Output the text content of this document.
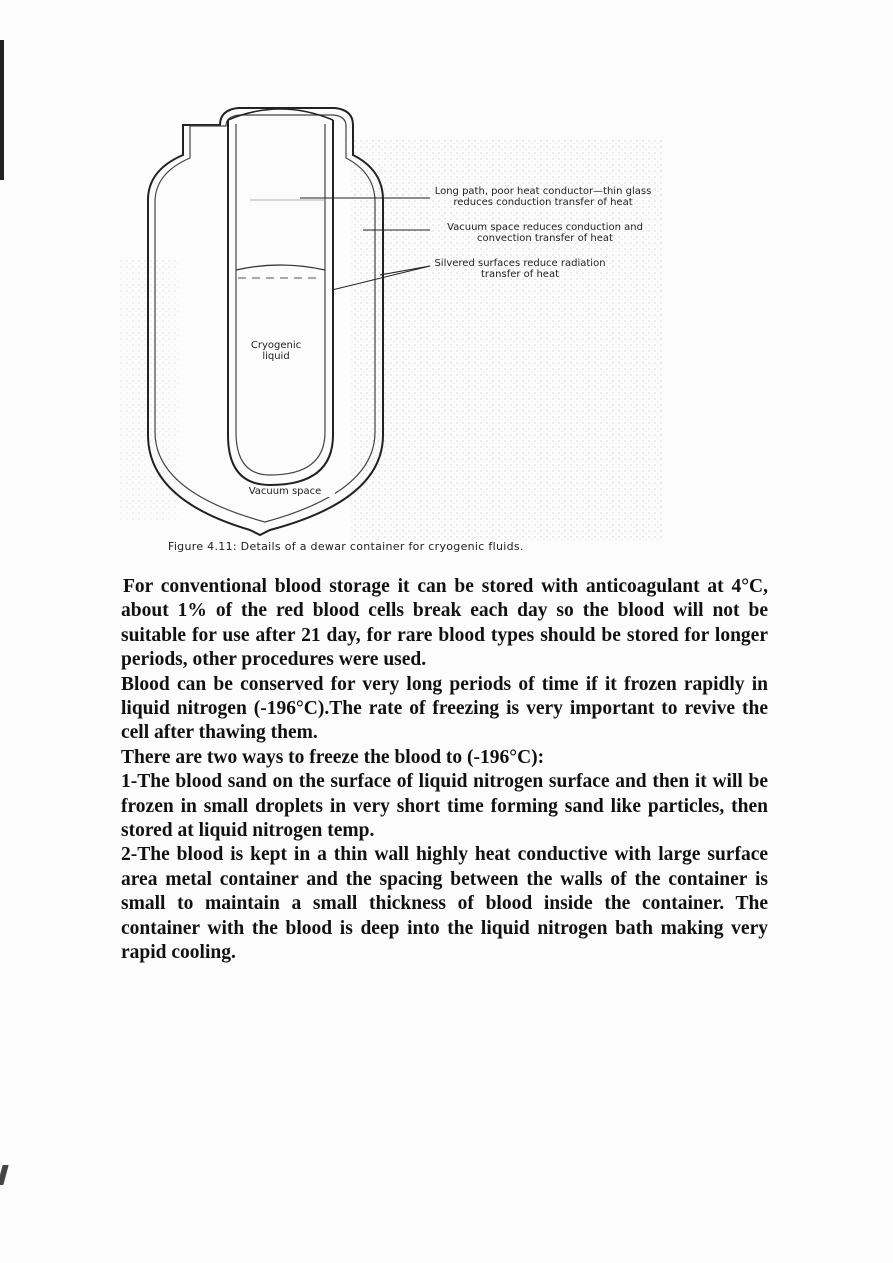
Long path, poor heat conductor—thin glass reduces conduction transfer of heat
Vacuum space reduces conduction and convection transfer of heat
Silvered surfaces reduce radiation transfer of heat
Cryogenic liquid
Vacuum space
Figure 4.11: Details of a dewar container for cryogenic fluids.

For conventional blood storage it can be stored with anticoagulant at 4°C, about 1% of the red blood cells break each day so the blood will not be suitable for use after 21 day, for rare blood types should be stored for longer periods, other procedures were used.

Blood can be conserved for very long periods of time if it frozen rapidly in liquid nitrogen (-196°C).The rate of freezing is very important to revive the cell after thawing them.

There are two ways to freeze the blood to (-196°C):

1-The blood sand on the surface of liquid nitrogen surface and then it will be frozen in small droplets in very short time forming sand like particles, then stored at liquid nitrogen temp.

2-The blood is kept in a thin wall highly heat conductive with large surface area metal container and the spacing between the walls of the container is small to maintain a small thickness of blood inside the container. The container with the blood is deep into the liquid nitrogen bath making very rapid cooling.
